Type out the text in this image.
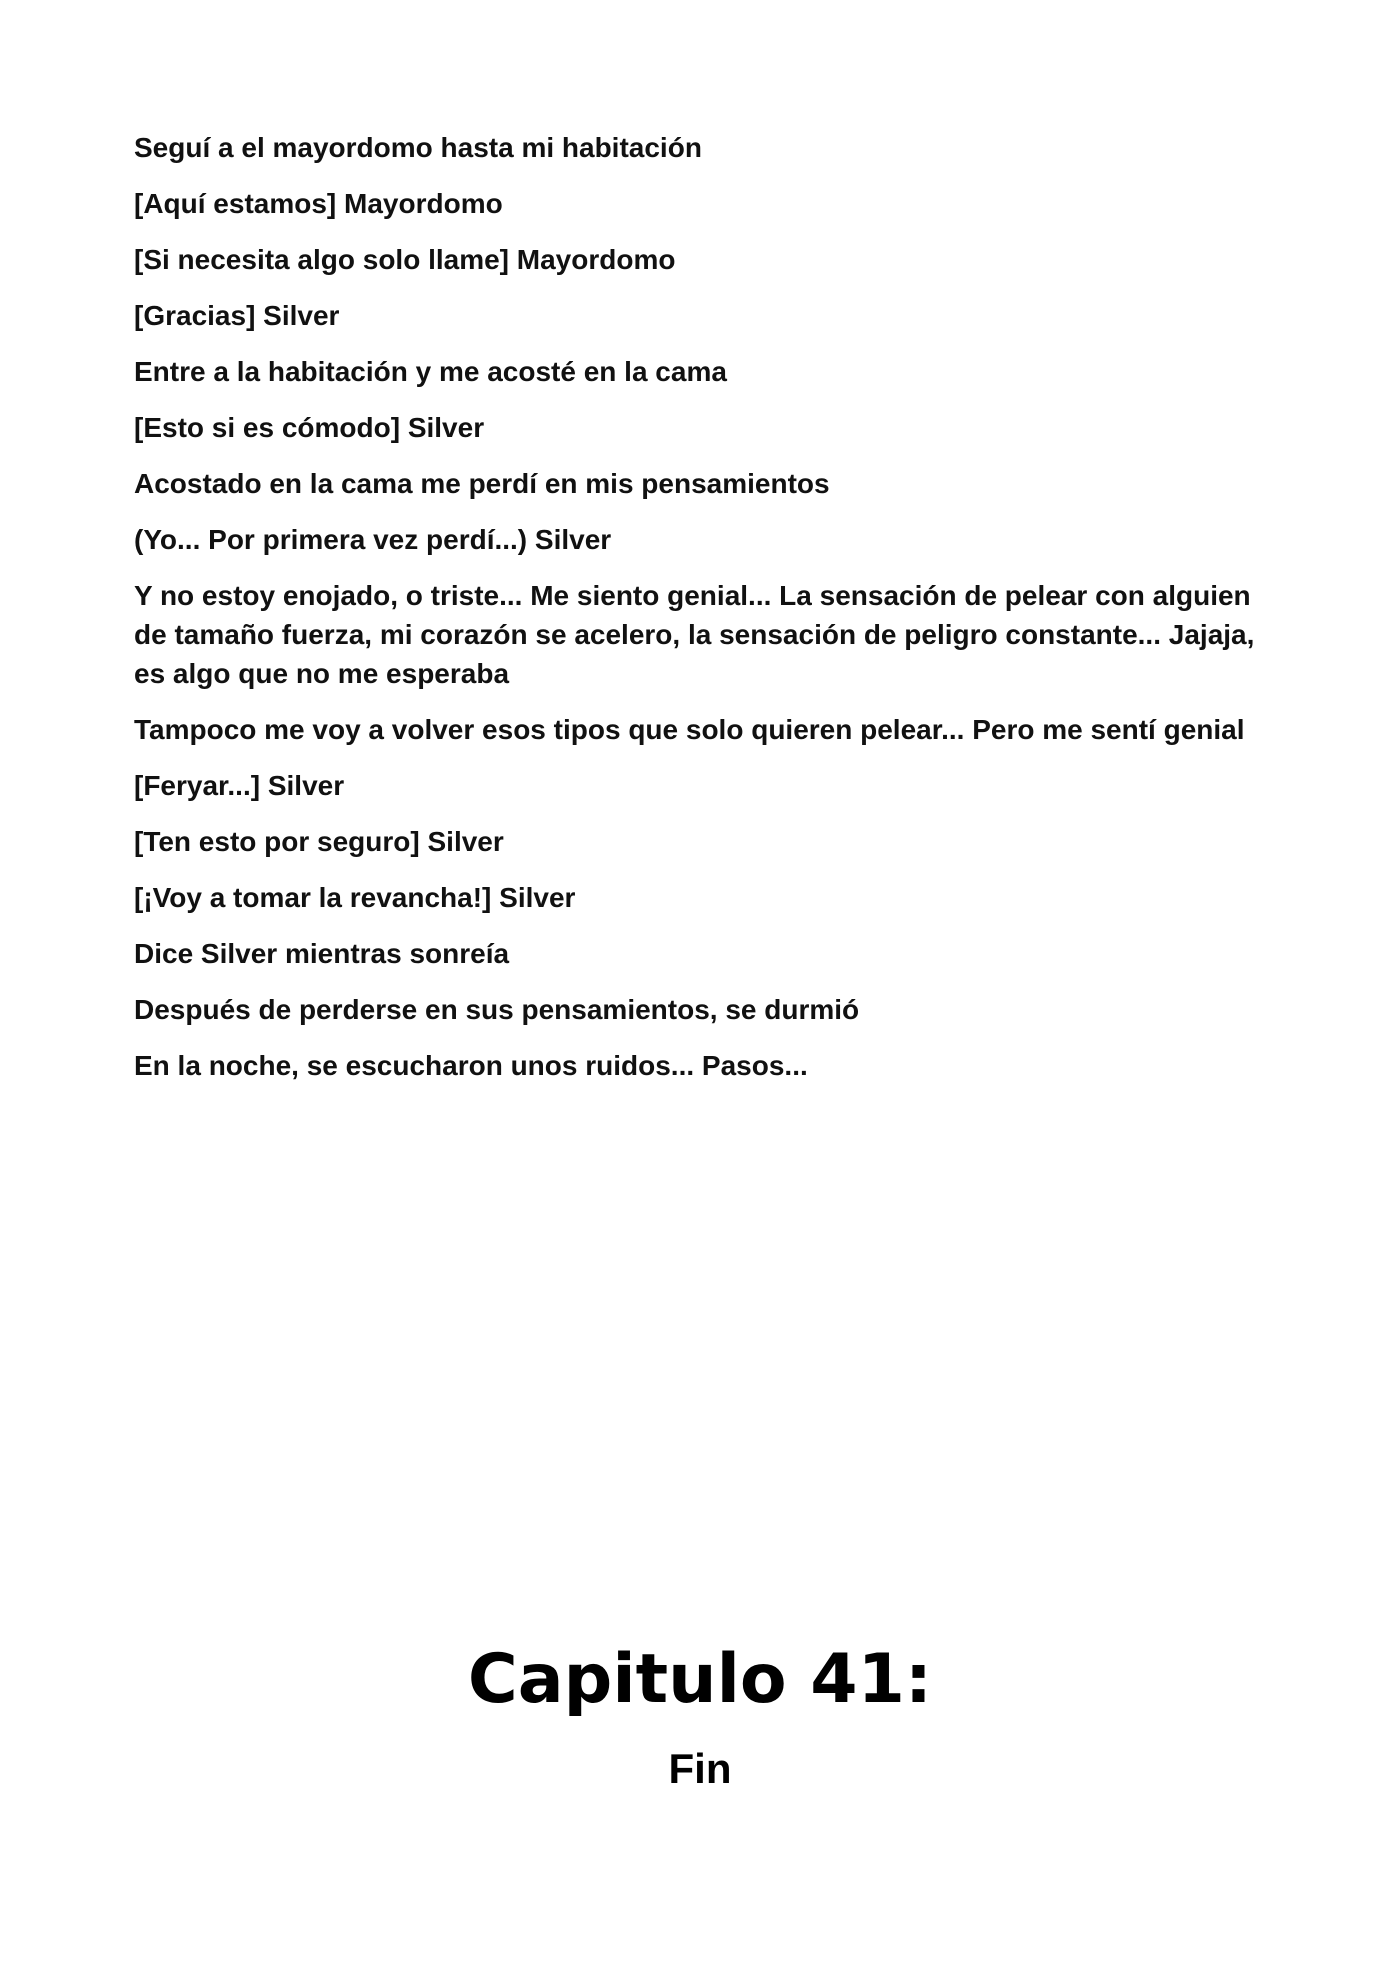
Seguí a el mayordomo hasta mi habitación

[Aquí estamos] Mayordomo

[Si necesita algo solo llame] Mayordomo

[Gracias] Silver

Entre a la habitación y me acosté en la cama

[Esto si es cómodo] Silver

Acostado en la cama me perdí en mis pensamientos

(Yo... Por primera vez perdí...) Silver

Y no estoy enojado, o triste... Me siento genial... La sensación de pelear con alguien de tamaño fuerza, mi corazón se acelero, la sensación de peligro constante... Jajaja, es algo que no me esperaba

Tampoco me voy a volver esos tipos que solo quieren pelear... Pero me sentí genial

[Feryar...] Silver

[Ten esto por seguro] Silver

[¡Voy a tomar la revancha!] Silver

Dice Silver mientras sonreía

Después de perderse en sus pensamientos, se durmió

En la noche, se escucharon unos ruidos... Pasos...

Capitulo 41:
Fin
